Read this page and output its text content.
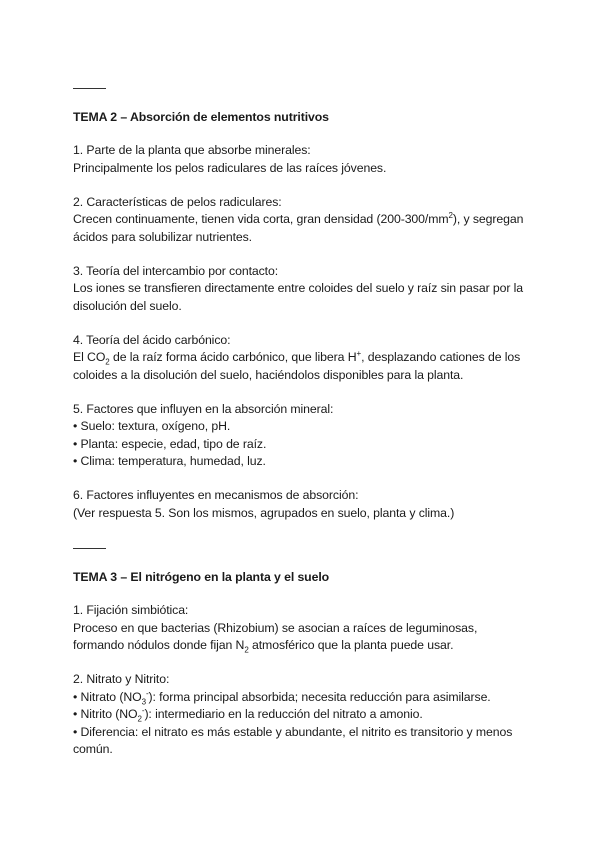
TEMA 2 – Absorción de elementos nutritivos
1. Parte de la planta que absorbe minerales:
Principalmente los pelos radiculares de las raíces jóvenes.
2. Características de pelos radiculares:
Crecen continuamente, tienen vida corta, gran densidad $(200-300/mm^2)$, y segregan
ácidos para solubilizar nutrientes.
3. Teoría del intercambio por contacto:
Los iones se transfieren directamente entre coloides del suelo y raíz sin pasar por la
disolución del suelo.
4. Teoría del ácido carbónico:
El $CO_2$ de la raíz forma ácido carbónico, que libera H+, desplazando cationes de los
coloides a la disolución del suelo, haciéndolos disponibles para la planta.
5. Factores que influyen en la absorción mineral:
• Suelo: textura, oxígeno, pH.
• Planta: especie, edad, tipo de raíz.
• Clima: temperatura, humedad, luz.
6. Factores influyentes en mecanismos de absorción:
(Ver respuesta 5. Son los mismos, agrupados en suelo, planta y clima.)
TEMA 3 – El nitrógeno en la planta y el suelo
1. Fijación simbiótica:
Proceso en que bacterias (Rhizobium) se asocian a raíces de leguminosas,
formando nódulos donde fijan $N_2$ atmosférico que la planta puede usar.
2. Nitrato y Nitrito:
• Nitrato $(NO_3^-)$: forma principal absorbida; necesita reducción para asimilarse.
• Nitrito $(NO_2^-)$: intermediario en la reducción del nitrato a amonio.
• Diferencia: el nitrato es más estable y abundante, el nitrito es transitorio y menos
común.
